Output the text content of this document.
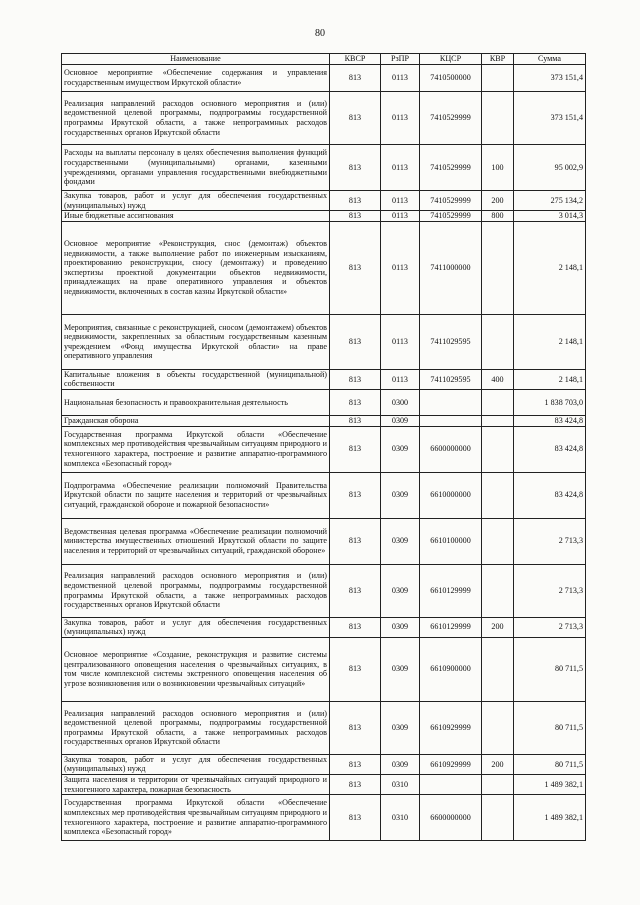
80
Наименование	КВСР	РзПР	КЦСР	КВР	Сумма
Основное мероприятие «Обеспечение содержания и управления государственным имуществом Иркутской области»	813	0113	7410500000		373 151,4
Реализация направлений расходов основного мероприятия и (или) ведомственной целевой программы, подпрограммы государственной программы Иркутской области, а также непрограммных расходов государственных органов Иркутской области	813	0113	7410529999		373 151,4
Расходы на выплаты персоналу в целях обеспечения выполнения функций государственными (муниципальными) органами, казенными учреждениями, органами управления государственными внебюджетными фондами	813	0113	7410529999	100	95 002,9
Закупка товаров, работ и услуг для обеспечения государственных (муниципальных) нужд	813	0113	7410529999	200	275 134,2
Иные бюджетные ассигнования	813	0113	7410529999	800	3 014,3
Основное мероприятие «Реконструкция, снос (демонтаж) объектов недвижимости, а также выполнение работ по инженерным изысканиям, проектированию реконструкции, сносу (демонтажу) и проведению экспертизы проектной документации объектов недвижимости, принадлежащих на праве оперативного управления и объектов недвижимости, включенных в состав казны Иркутской области»	813	0113	7411000000		2 148,1
Мероприятия, связанные с реконструкцией, сносом (демонтажем) объектов недвижимости, закрепленных за областным государственным казенным учреждением «Фонд имущества Иркутской области» на праве оперативного управления	813	0113	7411029595		2 148,1
Капитальные вложения в объекты государственной (муниципальной) собственности	813	0113	7411029595	400	2 148,1
Национальная безопасность и правоохранительная деятельность	813	0300			1 838 703,0
Гражданская оборона	813	0309			83 424,8
Государственная программа Иркутской области «Обеспечение комплексных мер противодействия чрезвычайным ситуациям природного и техногенного характера, построение и развитие аппаратно-программного комплекса «Безопасный город»	813	0309	6600000000		83 424,8
Подпрограмма «Обеспечение реализации полномочий Правительства Иркутской области по защите населения и территорий от чрезвычайных ситуаций, гражданской обороне и пожарной безопасности»	813	0309	6610000000		83 424,8
Ведомственная целевая программа «Обеспечение реализации полномочий министерства имущественных отношений Иркутской области по защите населения и территорий от чрезвычайных ситуаций, гражданской обороне»	813	0309	6610100000		2 713,3
Реализация направлений расходов основного мероприятия и (или) ведомственной целевой программы, подпрограммы государственной программы Иркутской области, а также непрограммных расходов государственных органов Иркутской области	813	0309	6610129999		2 713,3
Закупка товаров, работ и услуг для обеспечения государственных (муниципальных) нужд	813	0309	6610129999	200	2 713,3
Основное мероприятие «Создание, реконструкция и развитие системы централизованного оповещения населения о чрезвычайных ситуациях, в том числе комплексной системы экстренного оповещения населения об угрозе возникновения или о возникновении чрезвычайных ситуаций»	813	0309	6610900000		80 711,5
Реализация направлений расходов основного мероприятия и (или) ведомственной целевой программы, подпрограммы государственной программы Иркутской области, а также непрограммных расходов государственных органов Иркутской области	813	0309	6610929999		80 711,5
Закупка товаров, работ и услуг для обеспечения государственных (муниципальных) нужд	813	0309	6610929999	200	80 711,5
Защита населения и территории от чрезвычайных ситуаций природного и техногенного характера, пожарная безопасность	813	0310			1 489 382,1
Государственная программа Иркутской области «Обеспечение комплексных мер противодействия чрезвычайным ситуациям природного и техногенного характера, построение и развитие аппаратно-программного комплекса «Безопасный город»	813	0310	6600000000		1 489 382,1
